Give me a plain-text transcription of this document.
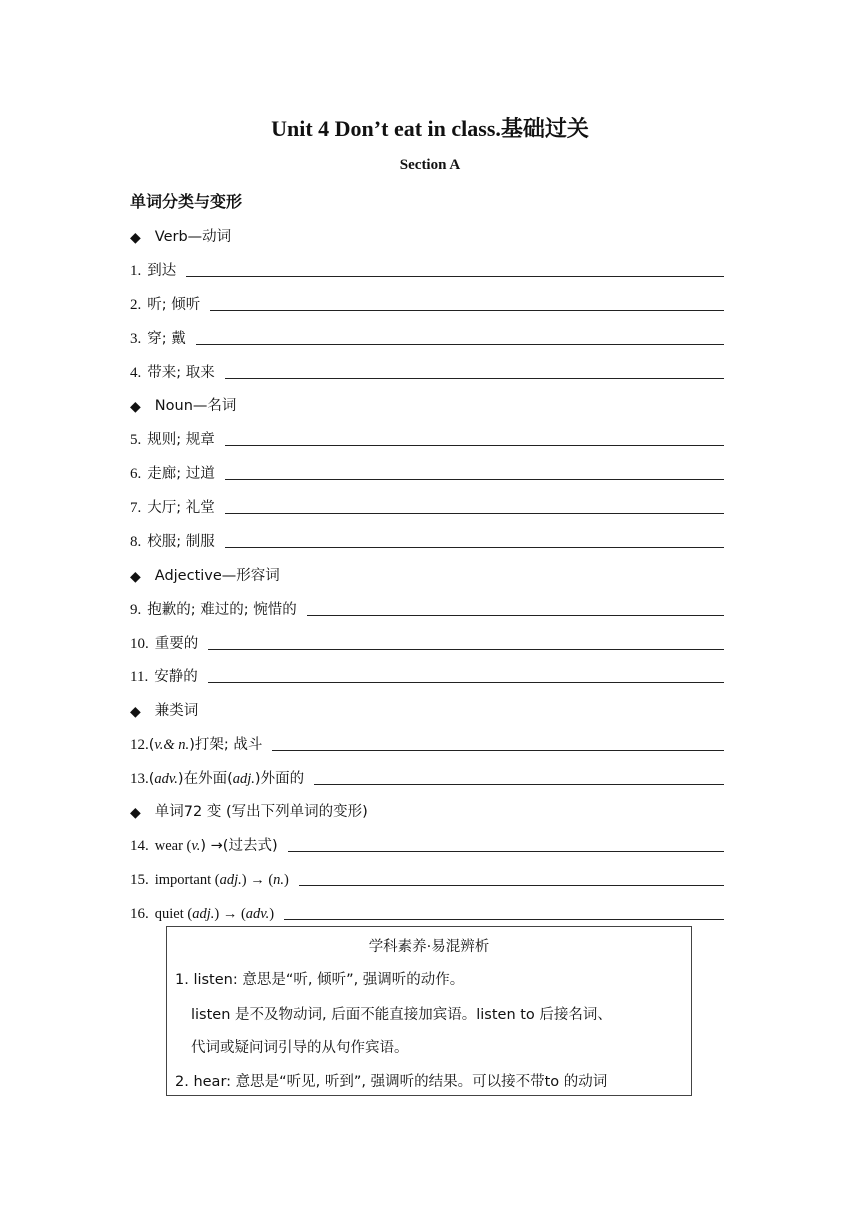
Unit 4 Don’t eat in class.基础过关
Section A
单词分类与变形
◆ Verb—动词
1. 到达
2. 听; 倾听
3. 穿; 戴
4. 带来; 取来
◆ Noun—名词
5. 规则; 规章
6. 走廊; 过道
7. 大厅; 礼堂
8. 校服; 制服
◆ Adjective—形容词
9. 抱歉的; 难过的; 惋惜的
10. 重要的
11. 安静的
◆ 兼类词
12. (v.& n.)打架; 战斗
13. (adv.)在外面(adj.)外面的
◆ 单词72 变 (写出下列单词的变形)
14. wear (v.) →(过去式)
15. important (adj.) → (n.)
16. quiet (adj.) → (adv.)
学科素养·易混辨析
1. listen: 意思是“听, 倾听”, 强调听的动作。
listen 是不及物动词, 后面不能直接加宾语。listen to 后接名词、
代词或疑问词引导的从句作宾语。
2. hear: 意思是“听见, 听到”, 强调听的结果。可以接不带to 的动词
